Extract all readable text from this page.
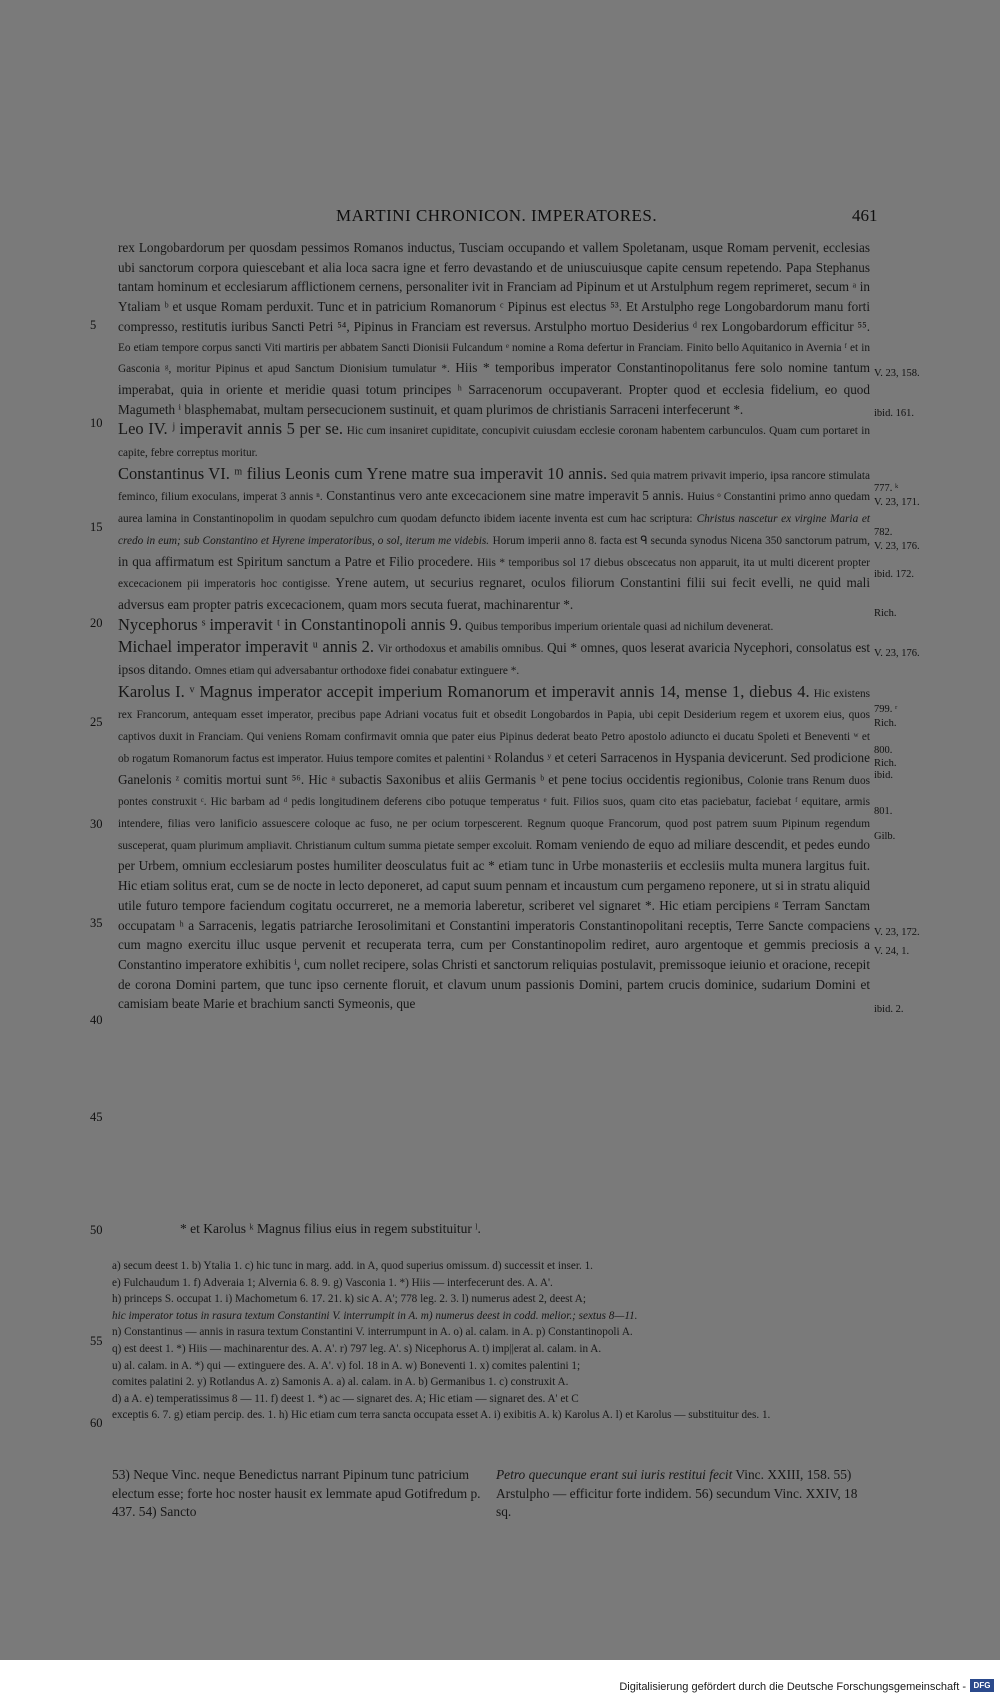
MARTINI CHRONICON. IMPERATORES.	461

rex Longobardorum per quosdam pessimos Romanos inductus, Tusciam occupando et vallem Spoletanam, usque Romam pervenit, ecclesias ubi sanctorum corpora quiescebant et alia loca sacra igne et ferro devastando et de uniuscuiusque capite censum repetendo. Papa Stephanus tantam hominum et ecclesiarum afflictionem cernens, personaliter ivit in Franciam ad Pipinum et ut Arstulphum regem reprimeret, secum ᵃ in Ytaliam ᵇ et usque Romam perduxit. Tunc et in patricium Romanorum ᶜ Pipinus est electus ⁵³. Et Arstulpho rege Longobardorum manu forti compresso, restitutis iuribus Sancti Petri ⁵⁴, Pipinus in Franciam est reversus. Arstulpho mortuo Desiderius ᵈ rex Longobardorum efficitur ⁵⁵. Eo etiam tempore corpus sancti Viti martiris per abbatem Sancti Dionisii Fulcandum ᵉ nomine a Roma defertur in Franciam. Finito bello Aquitanico in Avernia ᶠ et in Gasconia ᵍ, moritur Pipinus et apud Sanctum Dionisium tumulatur *. Hiis * temporibus imperator Constantinopolitanus fere solo nomine tantum imperabat, quia in oriente et meridie quasi totum principes ʰ Sarracenorum occupaverant. Propter quod et ecclesia fidelium, eo quod Magumeth ⁱ blasphemabat, multam persecucionem sustinuit, et quam plurimos de christianis Sarraceni interfecerunt *.

Leo IV. ʲ imperavit annis 5 per se. Hic cum insaniret cupiditate, concupivit cuiusdam ecclesie coronam habentem carbunculos. Quam cum portaret in capite, febre correptus moritur.

Constantinus VI. ᵐ filius Leonis cum Yrene matre sua imperavit 10 annis. Sed quia matrem privavit imperio, ipsa rancore stimulata feminco, filium exoculans, imperat 3 annis ⁿ. Constantinus vero ante excecacionem sine matre imperavit 5 annis. Huius ᵒ Constantini primo anno quedam aurea lamina in Constantinopolim in quodam sepulchro cum quodam defuncto ibidem iacente inventa est cum hac scriptura: Christus nascetur ex virgine Maria et credo in eum; sub Constantino et Hyrene imperatoribus, o sol, iterum me videbis. Horum imperii anno 8. facta est ᑫ secunda synodus Nicena 350 sanctorum patrum, in qua affirmatum est Spiritum sanctum a Patre et Filio procedere. Hiis * temporibus sol 17 diebus obscecatus non apparuit, ita ut multi dicerent propter excecacionem pii imperatoris hoc contigisse. Yrene autem, ut securius regnaret, oculos filiorum Constantini filii sui fecit evelli, ne quid mali adversus eam propter patris excecacionem, quam mors secuta fuerat, machinarentur *.

Nycephorus ˢ imperavit ᵗ in Constantinopoli annis 9. Quibus temporibus imperium orientale quasi ad nichilum devenerat.

Michael imperator imperavit ᵘ annis 2. Vir orthodoxus et amabilis omnibus. Qui * omnes, quos leserat avaricia Nycephori, consolatus est ipsos ditando. Omnes etiam qui adversabantur orthodoxe fidei conabatur extinguere *.

Karolus I. ᵛ Magnus imperator accepit imperium Romanorum et imperavit annis 14, mense 1, diebus 4. Hic existens rex Francorum, antequam esset imperator, precibus pape Adriani vocatus fuit et obsedit Longobardos in Papia, ubi cepit Desiderium regem et uxorem eius, quos captivos duxit in Franciam. Qui veniens Romam confirmavit omnia que pater eius Pipinus dederat beato Petro apostolo adiuncto ei ducatu Spoleti et Beneventi ʷ et ob rogatum Romanorum factus est imperator. Huius tempore comites et palentini ˣ Rolandus ʸ et ceteri Sarracenos in Hyspania devicerunt. Sed prodicione Ganelonis ᶻ comitis mortui sunt ⁵⁶. Hic ᵃ subactis Saxonibus et aliis Germanis ᵇ et pene tocius occidentis regionibus, Colonie trans Renum duos pontes construxit ᶜ. Hic barbam ad ᵈ pedis longitudinem deferens cibo potuque temperatus ᵉ fuit. Filios suos, quam cito etas paciebatur, faciebat ᶠ equitare, armis intendere, filias vero lanificio assuescere coloque ac fuso, ne per ocium torpescerent. Regnum quoque Francorum, quod post patrem suum Pipinum regendum susceperat, quam plurimum ampliavit. Christianum cultum summa pietate semper excoluit. Romam veniendo de equo ad miliare descendit, et pedes eundo per Urbem, omnium ecclesiarum postes humiliter deosculatus fuit ac * etiam tunc in Urbe monasteriis et ecclesiis multa munera largitus fuit. Hic etiam solitus erat, cum se de nocte in lecto deponeret, ad caput suum pennam et incaustum cum pergameno reponere, ut si in stratu aliquid utile futuro tempore faciendum cogitatu occurreret, ne a memoria laberetur, scriberet vel signaret *. Hic etiam percipiens ᵍ Terram Sanctam occupatam ʰ a Sarracenis, legatis patriarche Ierosolimitani et Constantini imperatoris Constantinopolitani receptis, Terre Sancte compaciens cum magno exercitu illuc usque pervenit et recuperata terra, cum per Constantinopolim rediret, auro argentoque et gemmis preciosis a Constantino imperatore exhibitis ⁱ, cum nollet recipere, solas Christi et sanctorum reliquias postulavit, premissoque ieiunio et oracione, recepit de corona Domini partem, que tunc ipso cernente floruit, et clavum unum passionis Domini, partem crucis dominice, sudarium Domini et camisiam beate Marie et brachium sancti Symeonis, que

5
10
15
20
25
30
35
40
45
50
55
60
V. 23, 158.
ibid. 161.
777. ᵏ
V. 23, 171.
782.
V. 23, 176.
ibid. 172.
Rich.
V. 23, 176.
799. ʳ
Rich.
800.
Rich.
ibid.
801.
Gilb.
V. 23, 172.
V. 24, 1.
ibid. 2.
* et Karolus ᵏ Magnus filius eius in regem substituitur ˡ.

a) secum deest 1. b) Ytalia 1. c) hic tunc in marg. add. in A, quod superius omissum. d) successit et inser. 1.

e) Fulchaudum 1. f) Adveraia 1; Alvernia 6. 8. 9. g) Vasconia 1. *) Hiis — interfecerunt des. A. A'.

h) princeps S. occupat 1. i) Machometum 6. 17. 21. k) sic A. A'; 778 leg. 2. 3. l) numerus adest 2, deest A;

hic imperator totus in rasura textum Constantini V. interrumpit in A. m) numerus deest in codd. melior.; sextus 8—11.

n) Constantinus — annis in rasura textum Constantini V. interrumpunt in A. o) al. calam. in A. p) Constantinopoli A.

q) est deest 1. *) Hiis — machinarentur des. A. A'. r) 797 leg. A'. s) Nicephorus A. t) imp||erat al. calam. in A.

u) al. calam. in A. *) qui — extinguere des. A. A'. v) fol. 18 in A. w) Boneventi 1. x) comites palentini 1;

comites palatini 2. y) Rotlandus A. z) Samonis A. a) al. calam. in A. b) Germanibus 1. c) construxit A.

d) a A. e) temperatissimus 8 — 11. f) deest 1. *) ac — signaret des. A; Hic etiam — signaret des. A' et C

exceptis 6. 7. g) etiam percip. des. 1. h) Hic etiam cum terra sancta occupata esset A. i) exibitis A. k) Karolus A. l) et Karolus — substituitur des. 1.

53) Neque Vinc. neque Benedictus narrant Pipinum tunc patricium electum esse; forte hoc noster hausit ex lemmate apud Gotifredum p. 437. 54) Sancto
Petro quecunque erant sui iuris restitui fecit Vinc. XXIII, 158. 55) Arstulpho — efficitur forte indidem. 56) secundum Vinc. XXIV, 18 sq.
Digitalisierung gefördert durch die Deutsche Forschungsgemeinschaft - DFG
